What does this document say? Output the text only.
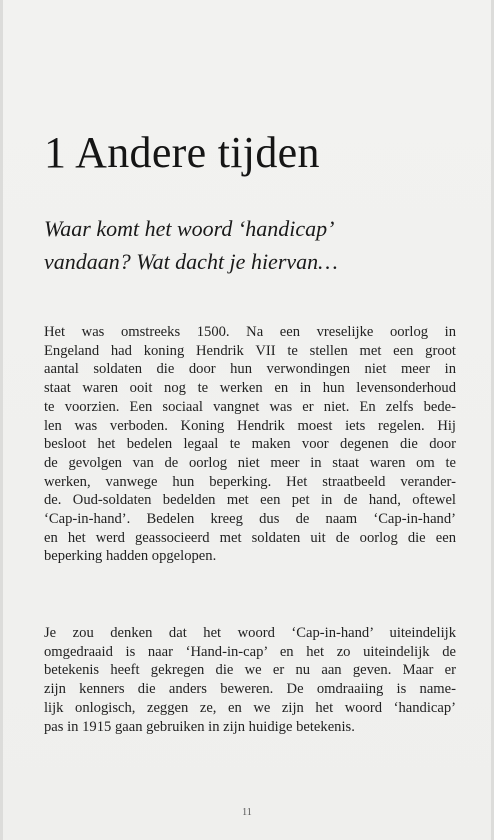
1 Andere tijden
Waar komt het woord ‘handicap’
vandaan? Wat dacht je hiervan…
Het was omstreeks 1500. Na een vreselijke oorlog in
Engeland had koning Hendrik VII te stellen met een groot
aantal soldaten die door hun verwondingen niet meer in
staat waren ooit nog te werken en in hun levensonderhoud
te voorzien. Een sociaal vangnet was er niet. En zelfs bede-
len was verboden. Koning Hendrik moest iets regelen. Hij
besloot het bedelen legaal te maken voor degenen die door
de gevolgen van de oorlog niet meer in staat waren om te
werken, vanwege hun beperking. Het straatbeeld verander-
de. Oud-soldaten bedelden met een pet in de hand, oftewel
‘Cap-in-hand’. Bedelen kreeg dus de naam ‘Cap-in-hand’
en het werd geassocieerd met soldaten uit de oorlog die een
beperking hadden opgelopen.
Je zou denken dat het woord ‘Cap-in-hand’ uiteindelijk
omgedraaid is naar ‘Hand-in-cap’ en het zo uiteindelijk de
betekenis heeft gekregen die we er nu aan geven. Maar er
zijn kenners die anders beweren. De omdraaiing is name-
lijk onlogisch, zeggen ze, en we zijn het woord ‘handicap’
pas in 1915 gaan gebruiken in zijn huidige betekenis.
11
